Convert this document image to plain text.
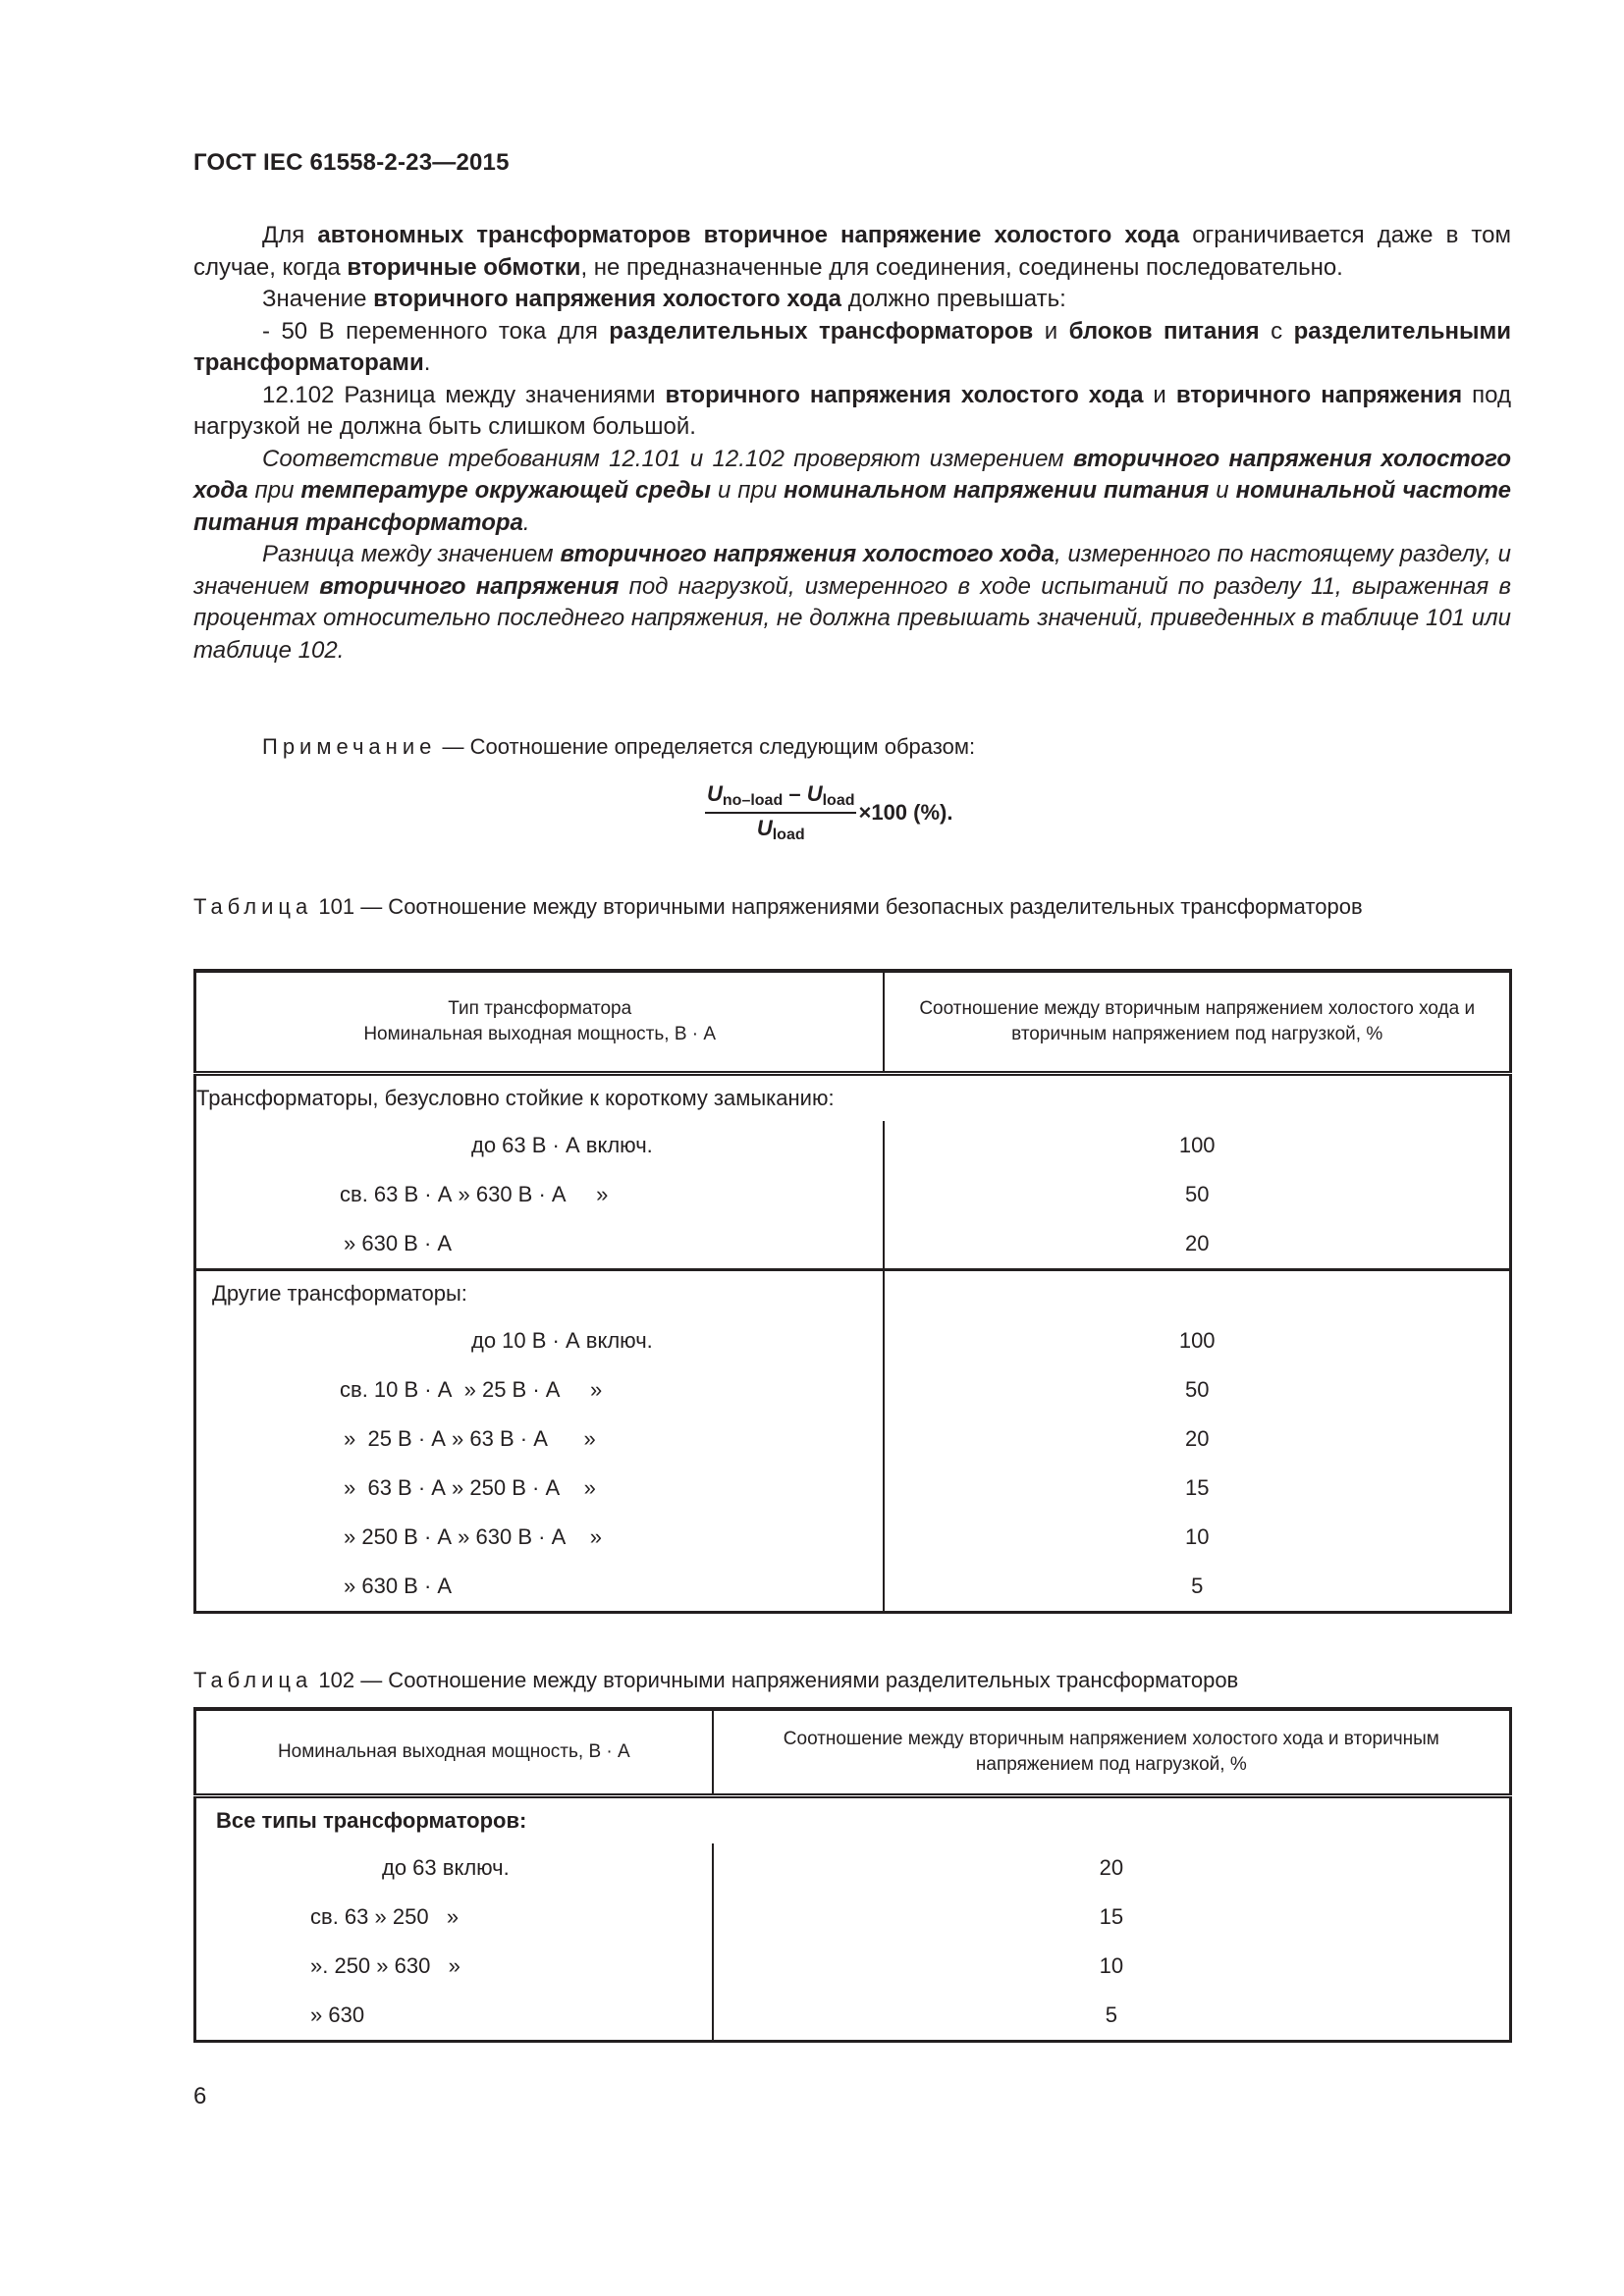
ГОСТ IEC 61558-2-23—2015

Для автономных трансформаторов вторичное напряжение холостого хода ограничивается даже в том случае, когда вторичные обмотки, не предназначенные для соединения, соединены последовательно.

Значение вторичного напряжения холостого хода должно превышать:

- 50 В переменного тока для разделительных трансформаторов и блоков питания с разделительными трансформаторами.

12.102 Разница между значениями вторичного напряжения холостого хода и вторичного напряжения под нагрузкой не должна быть слишком большой.

Соответствие требованиям 12.101 и 12.102 проверяют измерением вторичного напряжения холостого хода при температуре окружающей среды и при номинальном напряжении питания и номинальной частоте питания трансформатора.

Разница между значением вторичного напряжения холостого хода, измеренного по настоящему разделу, и значением вторичного напряжения под нагрузкой, измеренного в ходе испытаний по разделу 11, выраженная в процентах относительно последнего напряжения, не должна превышать значений, приведенных в таблице 101 или таблице 102.

Примечание — Соотношение определяется следующим образом:
$\frac{U_{no-load} - U_{load}}{U_{load}} \times 100$ (%).
Таблица 101 — Соотношение между вторичными напряжениями безопасных разделительных трансформаторов
Тип трансформатора
Номинальная выходная мощность, В · А	Соотношение между вторичным напряжением холостого хода и вторичным напряжением под нагрузкой, %
Трансформаторы, безусловно стойкие к короткому замыканию:	
до 63 В · А включ.	100
св. 63 В · А » 630 В · А     »	50
» 630 В · А	20
Другие трансформаторы:	
до 10 В · А включ.	100
св. 10 В · А  » 25 В · А     »	50
»  25 В · А » 63 В · А      »	20
»  63 В · А » 250 В · А    »	15
» 250 В · А » 630 В · А    »	10
» 630 В · А	5
Таблица 102 — Соотношение между вторичными напряжениями разделительных трансформаторов
Номинальная выходная мощность, В · А	Соотношение между вторичным напряжением холостого хода и вторичным напряжением под нагрузкой, %
Все типы трансформаторов:	
до 63 включ.	20
св. 63 » 250   »	15
». 250 » 630   »	10
» 630	5
6
